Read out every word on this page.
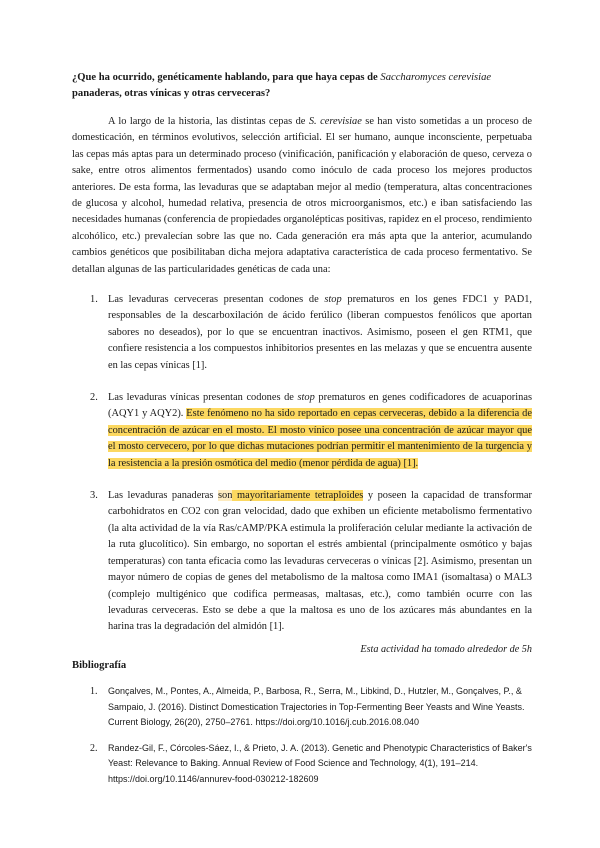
¿Que ha ocurrido, genéticamente hablando, para que haya cepas de Saccharomyces cerevisiae panaderas, otras vínicas y otras cerveceras?

A lo largo de la historia, las distintas cepas de S. cerevisiae se han visto sometidas a un proceso de domesticación, en términos evolutivos, selección artificial. El ser humano, aunque inconsciente, perpetuaba las cepas más aptas para un determinado proceso (vinificación, panificación y elaboración de queso, cerveza o sake, entre otros alimentos fermentados) usando como inóculo de cada proceso los mejores productos anteriores. De esta forma, las levaduras que se adaptaban mejor al medio (temperatura, altas concentraciones de glucosa y alcohol, humedad relativa, presencia de otros microorganismos, etc.) e iban satisfaciendo las necesidades humanas (conferencia de propiedades organolépticas positivas, rapidez en el proceso, rendimiento alcohólico, etc.) prevalecían sobre las que no. Cada generación era más apta que la anterior, acumulando cambios genéticos que posibilitaban dicha mejora adaptativa característica de cada proceso fermentativo. Se detallan algunas de las particularidades genéticas de cada una:

1. Las levaduras cerveceras presentan codones de stop prematuros en los genes FDC1 y PAD1, responsables de la descarboxilación de ácido ferúlico (liberan compuestos fenólicos que aportan sabores no deseados), por lo que se encuentran inactivos. Asimismo, poseen el gen RTM1, que confiere resistencia a los compuestos inhibitorios presentes en las melazas y que se encuentra ausente en las cepas vínicas [1].
2. Las levaduras vínicas presentan codones de stop prematuros en genes codificadores de acuaporinas (AQY1 y AQY2). Este fenómeno no ha sido reportado en cepas cerveceras, debido a la diferencia de concentración de azúcar en el mosto. El mosto vínico posee una concentración de azúcar mayor que el mosto cervecero, por lo que dichas mutaciones podrían permitir el mantenimiento de la turgencia y la resistencia a la presión osmótica del medio (menor pérdida de agua) [1].
3. Las levaduras panaderas son mayoritariamente tetraploides y poseen la capacidad de transformar carbohidratos en CO2 con gran velocidad, dado que exhiben un eficiente metabolismo fermentativo (la alta actividad de la vía Ras/cAMP/PKA estimula la proliferación celular mediante la activación de la ruta glucolítico). Sin embargo, no soportan el estrés ambiental (principalmente osmótico y bajas temperaturas) con tanta eficacia como las levaduras cerveceras o vínicas [2]. Asimismo, presentan un mayor número de copias de genes del metabolismo de la maltosa como IMA1 (isomaltasa) o MAL3 (complejo multigénico que codifica permeasas, maltasas, etc.), como también ocurre con las levaduras cerveceras. Esto se debe a que la maltosa es uno de los azúcares más abundantes en la harina tras la degradación del almidón [1].
Esta actividad ha tomado alrededor de 5h
Bibliografía
1. Gonçalves, M., Pontes, A., Almeida, P., Barbosa, R., Serra, M., Libkind, D., Hutzler, M., Gonçalves, P., & Sampaio, J. (2016). Distinct Domestication Trajectories in Top-Fermenting Beer Yeasts and Wine Yeasts. Current Biology, 26(20), 2750–2761. https://doi.org/10.1016/j.cub.2016.08.040
2. Randez-Gil, F., Córcoles-Sáez, I., & Prieto, J. A. (2013). Genetic and Phenotypic Characteristics of Baker's Yeast: Relevance to Baking. Annual Review of Food Science and Technology, 4(1), 191–214. https://doi.org/10.1146/annurev-food-030212-182609
